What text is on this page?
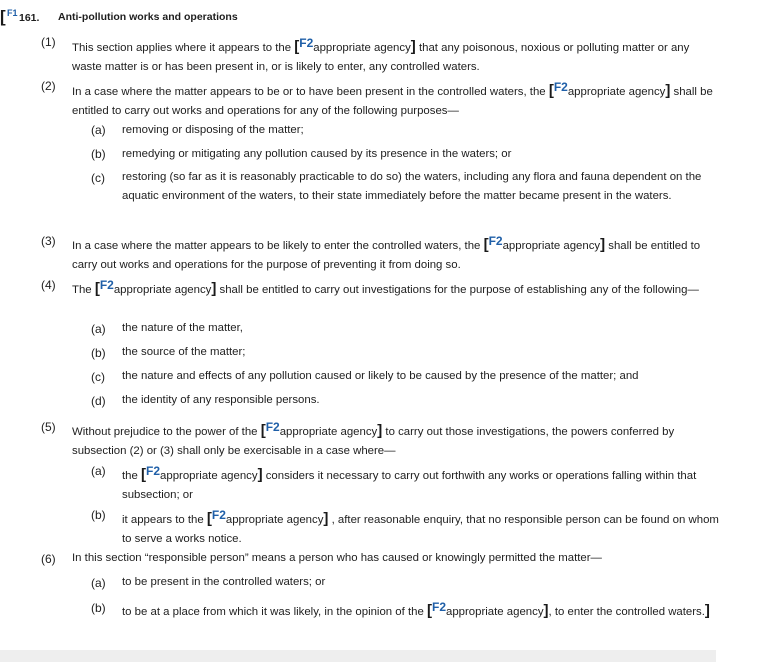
[ F1 161. Anti-pollution works and operations
(1) This section applies where it appears to the [F2appropriate agency] that any poisonous, noxious or polluting matter or any waste matter is or has been present in, or is likely to enter, any controlled waters.
(2) In a case where the matter appears to be or to have been present in the controlled waters, the [F2appropriate agency] shall be entitled to carry out works and operations for any of the following purposes—
(a) removing or disposing of the matter;
(b) remedying or mitigating any pollution caused by its presence in the waters; or
(c) restoring (so far as it is reasonably practicable to do so) the waters, including any flora and fauna dependent on the aquatic environment of the waters, to their state immediately before the matter became present in the waters.
(3) In a case where the matter appears to be likely to enter the controlled waters, the [F2appropriate agency] shall be entitled to carry out works and operations for the purpose of preventing it from doing so.
(4) The [F2appropriate agency] shall be entitled to carry out investigations for the purpose of establishing any of the following—
(a) the nature of the matter,
(b) the source of the matter;
(c) the nature and effects of any pollution caused or likely to be caused by the presence of the matter; and
(d) the identity of any responsible persons.
(5) Without prejudice to the power of the [F2appropriate agency] to carry out those investigations, the powers conferred by subsection (2) or (3) shall only be exercisable in a case where—
(a) the [F2appropriate agency] considers it necessary to carry out forthwith any works or operations falling within that subsection; or
(b) it appears to the [F2appropriate agency] , after reasonable enquiry, that no responsible person can be found on whom to serve a works notice.
(6) In this section “responsible person” means a person who has caused or knowingly permitted the matter—
(a) to be present in the controlled waters; or
(b) to be at a place from which it was likely, in the opinion of the [F2appropriate agency], to enter the controlled waters.]
